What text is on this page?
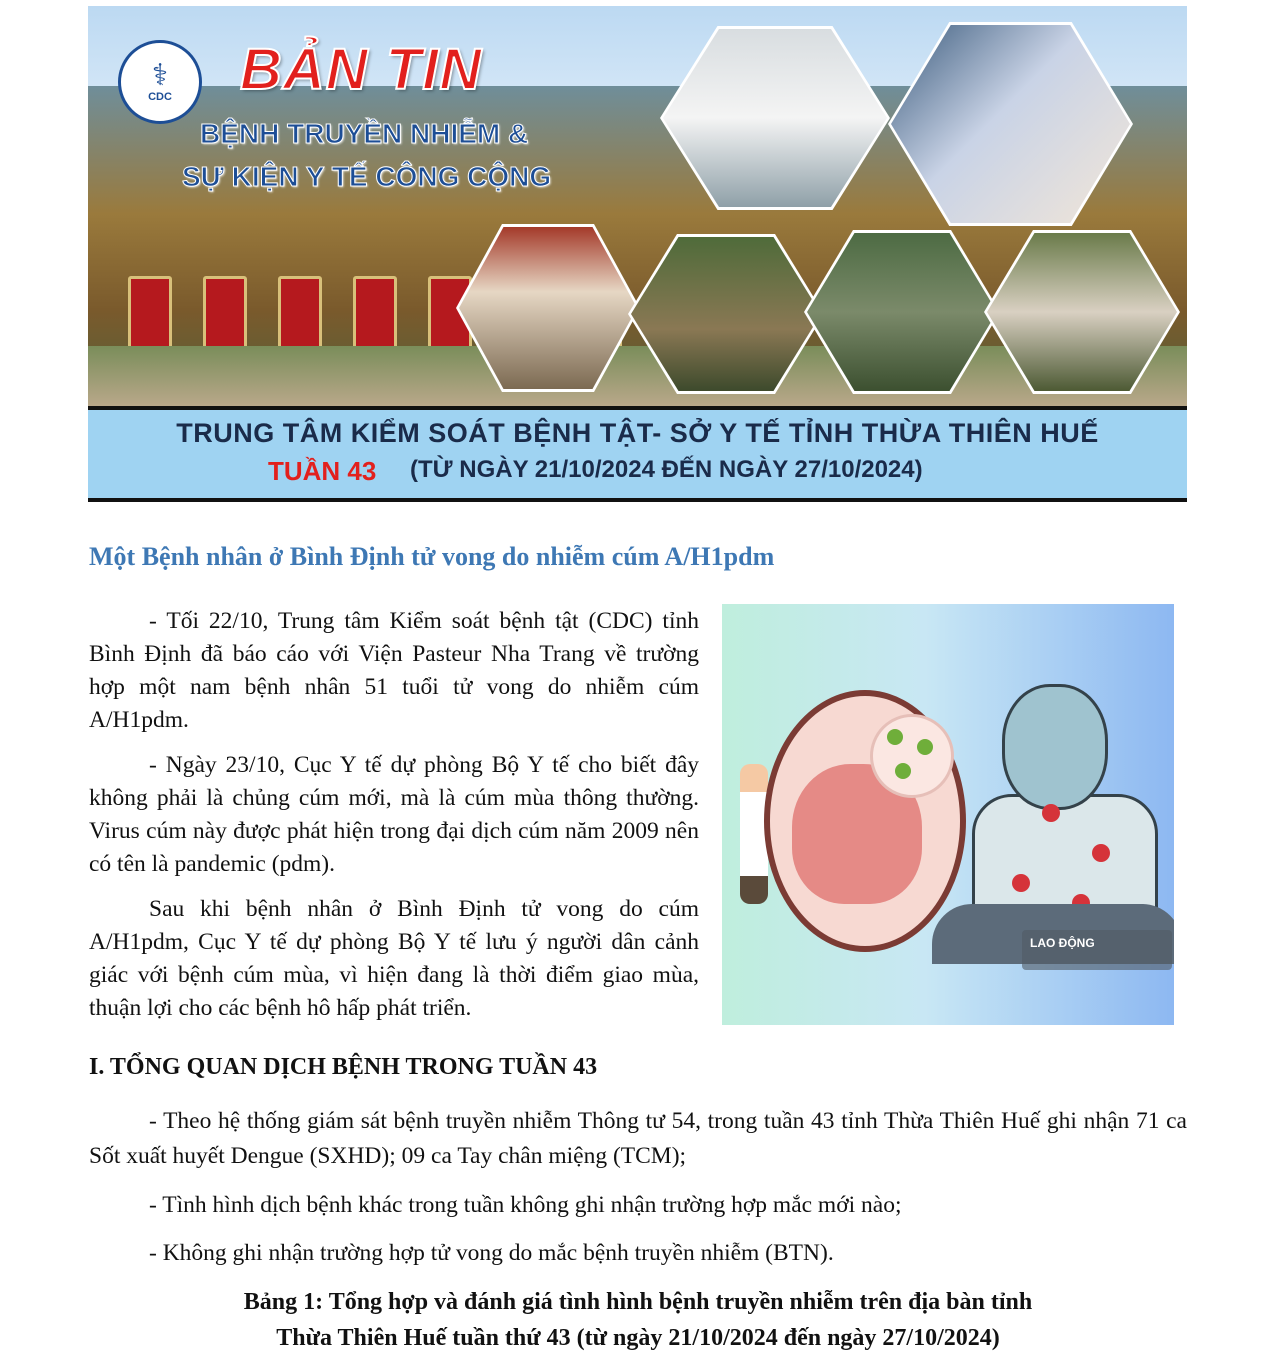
⚕
CDC BẢN TIN
BỆNH TRUYỀN NHIỄM &
SỰ KIỆN Y TẾ CÔNG CỘNG
TRUNG TÂM KIỂM SOÁT BỆNH TẬT- SỞ Y TẾ TỈNH THỪA THIÊN HUẾ
TUẦN 43 (TỪ NGÀY 21/10/2024 ĐẾN NGÀY 27/10/2024)
Một Bệnh nhân ở Bình Định tử vong do nhiễm cúm A/H1pdm

- Tối 22/10, Trung tâm Kiểm soát bệnh tật (CDC) tỉnh Bình Định đã báo cáo với Viện Pasteur Nha Trang về trường hợp một nam bệnh nhân 51 tuổi tử vong do nhiễm cúm A/H1pdm.

- Ngày 23/10, Cục Y tế dự phòng Bộ Y tế cho biết đây không phải là chủng cúm mới, mà là cúm mùa thông thường. Virus cúm này được phát hiện trong đại dịch cúm năm 2009 nên có tên là pandemic (pdm).

Sau khi bệnh nhân ở Bình Định tử vong do cúm A/H1pdm, Cục Y tế dự phòng Bộ Y tế lưu ý người dân cảnh giác với bệnh cúm mùa, vì hiện đang là thời điểm giao mùa, thuận lợi cho các bệnh hô hấp phát triển.

LAO ĐỘNG
I. TỔNG QUAN DỊCH BỆNH TRONG TUẦN 43

- Theo hệ thống giám sát bệnh truyền nhiễm Thông tư 54, trong tuần 43 tỉnh Thừa Thiên Huế ghi nhận 71 ca Sốt xuất huyết Dengue (SXHD); 09 ca Tay chân miệng (TCM);

- Tình hình dịch bệnh khác trong tuần không ghi nhận trường hợp mắc mới nào;

- Không ghi nhận trường hợp tử vong do mắc bệnh truyền nhiễm (BTN).

Bảng 1: Tổng hợp và đánh giá tình hình bệnh truyền nhiễm trên địa bàn tỉnh
Thừa Thiên Huế tuần thứ 43 (từ ngày 21/10/2024 đến ngày 27/10/2024)
